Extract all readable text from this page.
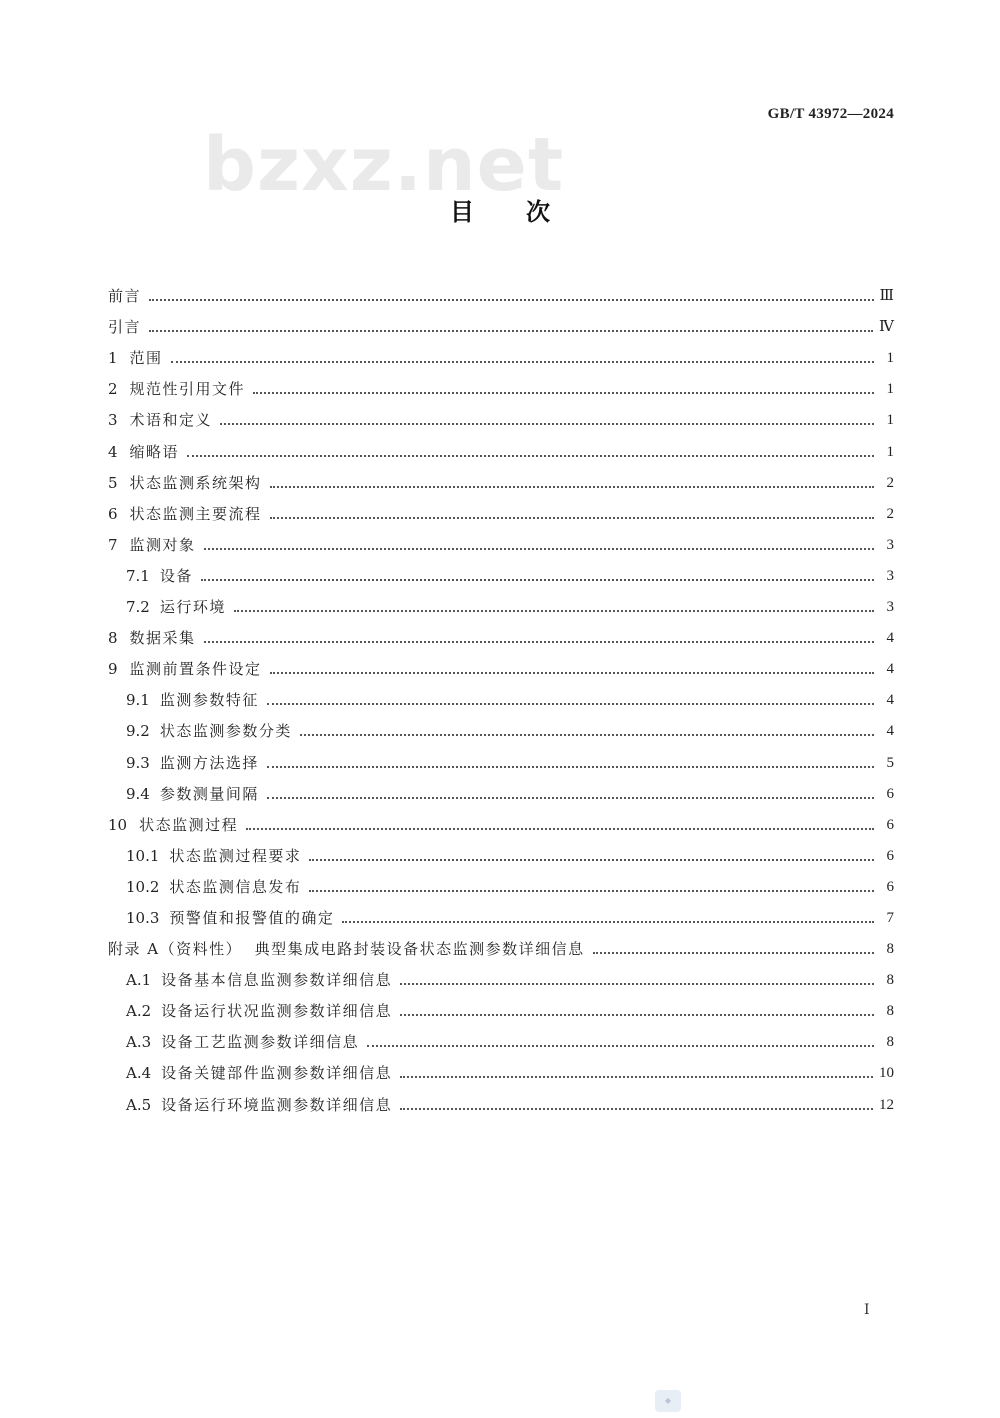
bzxz.net
GB/T 43972—2024
目次
前言	Ⅲ
引言	Ⅳ
1 范围	1
2 规范性引用文件	1
3 术语和定义	1
4 缩略语	1
5 状态监测系统架构	2
6 状态监测主要流程	2
7 监测对象	3
7.1 设备	3
7.2 运行环境	3
8 数据采集	4
9 监测前置条件设定	4
9.1 监测参数特征	4
9.2 状态监测参数分类	4
9.3 监测方法选择	5
9.4 参数测量间隔	6
10 状态监测过程	6
10.1 状态监测过程要求	6
10.2 状态监测信息发布	6
10.3 预警值和报警值的确定	7
附录 A（资料性）  典型集成电路封装设备状态监测参数详细信息	8
A.1 设备基本信息监测参数详细信息	8
A.2 设备运行状况监测参数详细信息	8
A.3 设备工艺监测参数详细信息	8
A.4 设备关键部件监测参数详细信息	10
A.5 设备运行环境监测参数详细信息	12
I
◆
